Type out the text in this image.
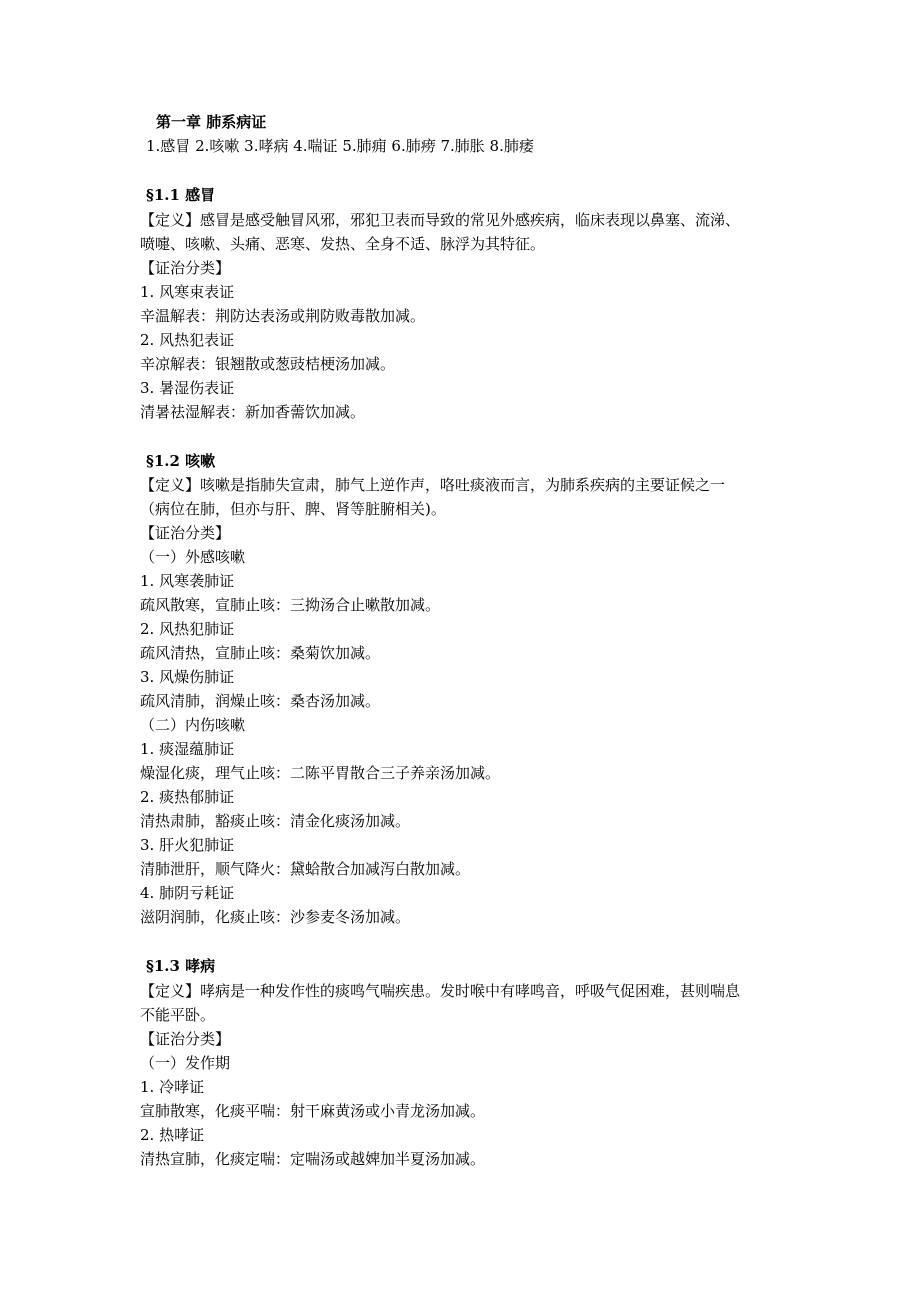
第一章 肺系病证
1.感冒 2.咳嗽 3.哮病 4.喘证 5.肺痈 6.肺痨 7.肺胀 8.肺痿
§1.1 感冒
【定义】感冒是感受触冒风邪，邪犯卫表而导致的常见外感疾病，临床表现以鼻塞、流涕、
喷嚏、咳嗽、头痛、恶寒、发热、全身不适、脉浮为其特征。
【证治分类】
1. 风寒束表证
辛温解表：荆防达表汤或荆防败毒散加减。
2. 风热犯表证
辛凉解表：银翘散或葱豉桔梗汤加减。
3. 暑湿伤表证
清暑祛湿解表：新加香薷饮加减。
§1.2 咳嗽
【定义】咳嗽是指肺失宣肃，肺气上逆作声，咯吐痰液而言，为肺系疾病的主要证候之一
（病位在肺，但亦与肝、脾、肾等脏腑相关)。
【证治分类】
（一）外感咳嗽
1. 风寒袭肺证
疏风散寒，宣肺止咳：三拗汤合止嗽散加减。
2. 风热犯肺证
疏风清热，宣肺止咳：桑菊饮加减。
3. 风燥伤肺证
疏风清肺，润燥止咳：桑杏汤加减。
（二）内伤咳嗽
1. 痰湿蕴肺证
燥湿化痰，理气止咳：二陈平胃散合三子养亲汤加减。
2. 痰热郁肺证
清热肃肺，豁痰止咳：清金化痰汤加减。
3. 肝火犯肺证
清肺泄肝，顺气降火：黛蛤散合加减泻白散加减。
4. 肺阴亏耗证
滋阴润肺，化痰止咳：沙参麦冬汤加减。
§1.3 哮病
【定义】哮病是一种发作性的痰鸣气喘疾患。发时喉中有哮鸣音，呼吸气促困难，甚则喘息
不能平卧。
【证治分类】
（一）发作期
1. 冷哮证
宣肺散寒，化痰平喘：射干麻黄汤或小青龙汤加减。
2. 热哮证
清热宣肺，化痰定喘：定喘汤或越婢加半夏汤加减。
